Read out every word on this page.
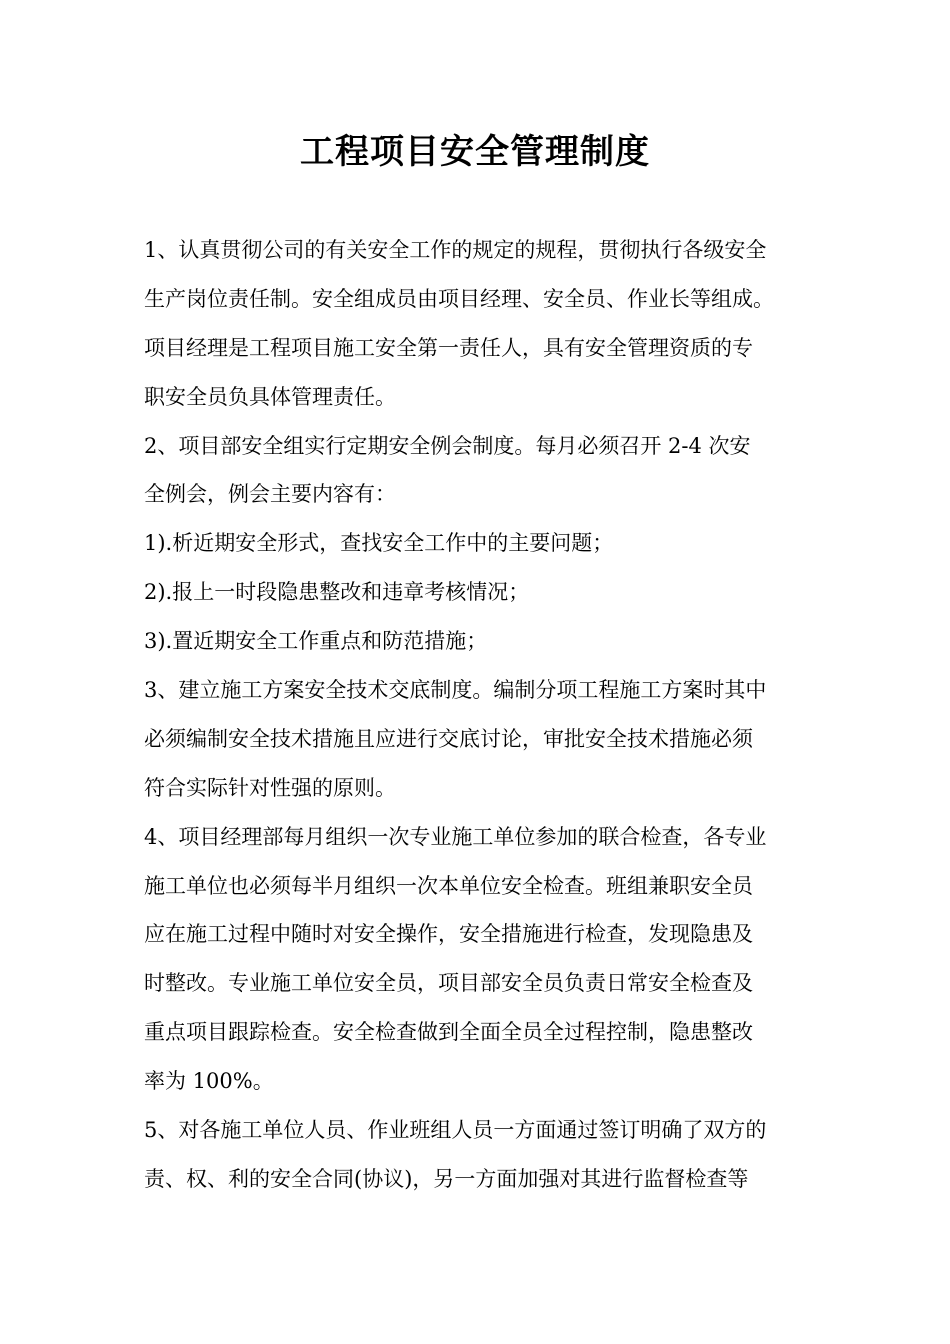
工程项目安全管理制度
1、认真贯彻公司的有关安全工作的规定的规程，贯彻执行各级安全
生产岗位责任制。安全组成员由项目经理、安全员、作业长等组成。
项目经理是工程项目施工安全第一责任人，具有安全管理资质的专
职安全员负具体管理责任。
2、项目部安全组实行定期安全例会制度。每月必须召开 2-4 次安
全例会，例会主要内容有：
1).析近期安全形式，查找安全工作中的主要问题；
2).报上一时段隐患整改和违章考核情况；
3).置近期安全工作重点和防范措施；
3、建立施工方案安全技术交底制度。编制分项工程施工方案时其中
必须编制安全技术措施且应进行交底讨论，审批安全技术措施必须
符合实际针对性强的原则。
4、项目经理部每月组织一次专业施工单位参加的联合检查，各专业
施工单位也必须每半月组织一次本单位安全检查。班组兼职安全员
应在施工过程中随时对安全操作，安全措施进行检查，发现隐患及
时整改。专业施工单位安全员，项目部安全员负责日常安全检查及
重点项目跟踪检查。安全检查做到全面全员全过程控制，隐患整改
率为 100%。
5、对各施工单位人员、作业班组人员一方面通过签订明确了双方的
责、权、利的安全合同(协议)，另一方面加强对其进行监督检查等
